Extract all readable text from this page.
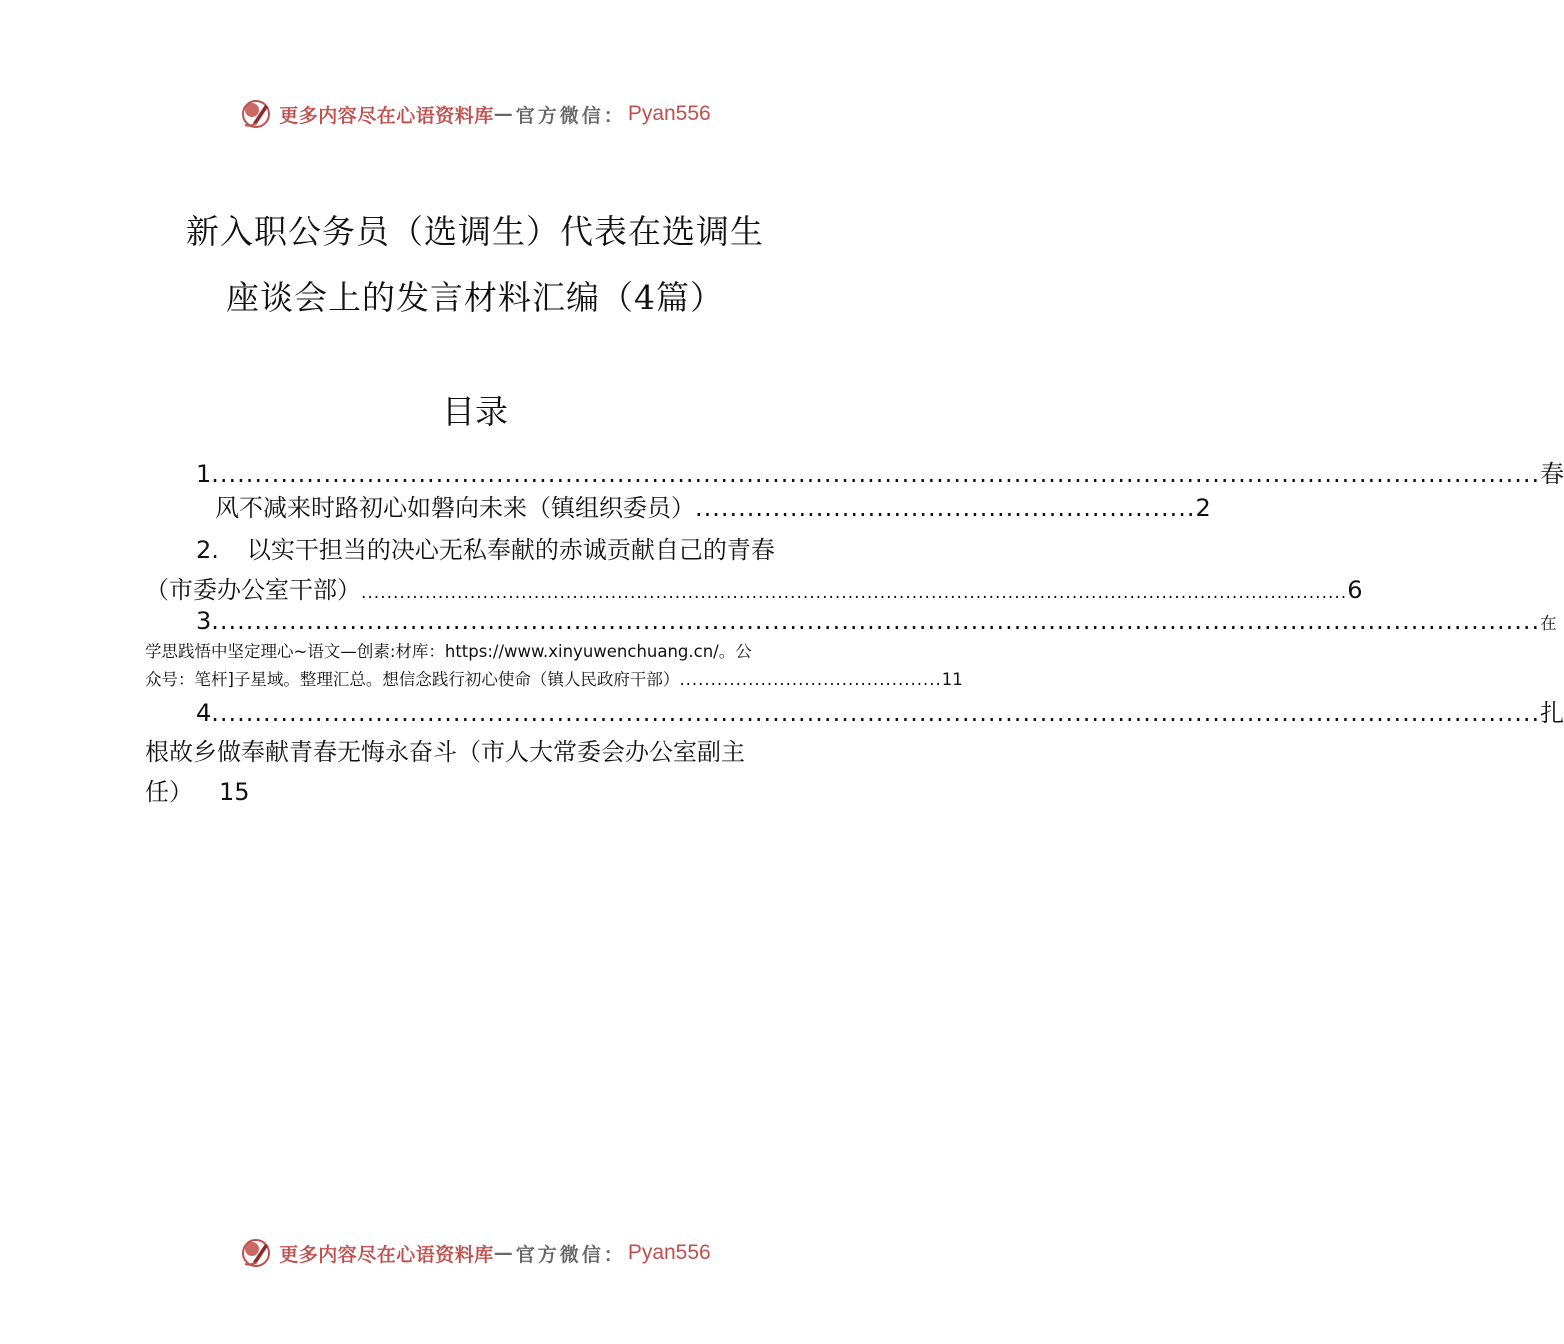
更多内容尽在心语资料库 — 官方微信： Pyan556
新入职公务员（选调生）代表在选调生
座谈会上的发言材料汇编（4篇）
目录
1 .......................................................................................................................................................... 春
风不减来时路初心如磐向未来（镇组织委员） .......................................................... 2
2. 以实干担当的决心无私奉献的赤诚贡献自己的青春
（市委办公室干部） .......................................................................................................................................................... 6
3 .......................................................................................................................................................... 在
学思践悟中坚定理心~语文—创素:材库：https://www.xinyuwenchuang.cn/。公
众号：笔杆]子星域。整理汇总。想信念践行初心使命（镇人民政府干部） .......................................... 11
4 .......................................................................................................................................................... 扎
根故乡做奉献青春无悔永奋斗（市人大常委会办公室副主
任） 15
更多内容尽在心语资料库 — 官方微信： Pyan556
